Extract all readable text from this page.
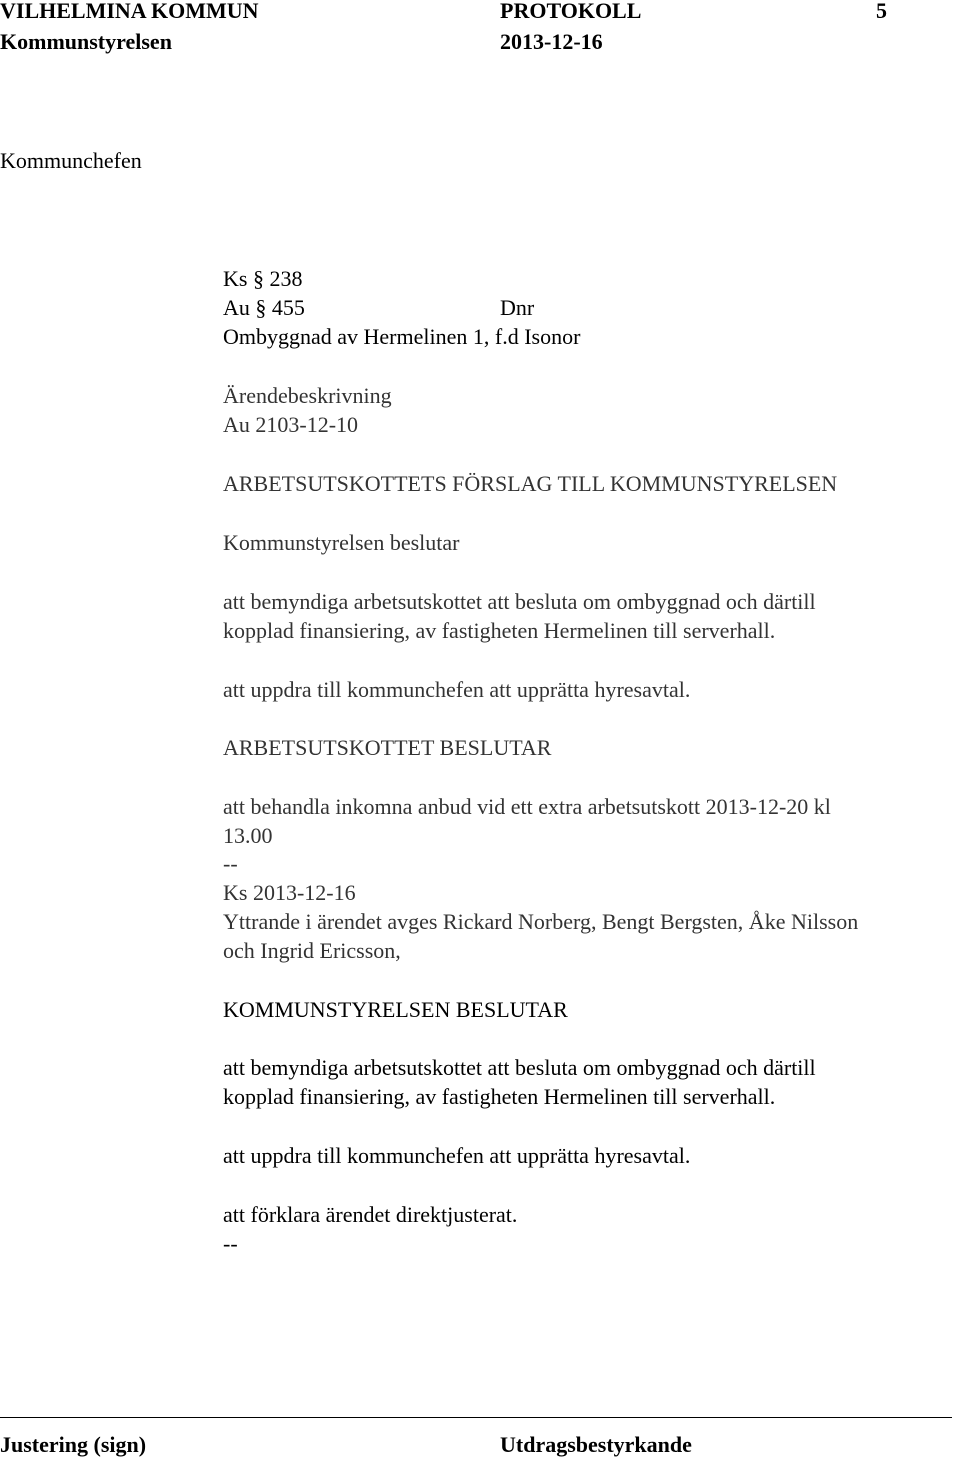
VILHELMINA KOMMUN	PROTOKOLL	5
Kommunstyrelsen	2013-12-16
Kommunchefen
Ks § 238
Au § 455	Dnr
Ombyggnad av Hermelinen 1, f.d Isonor
Ärendebeskrivning
Au 2103-12-10
ARBETSUTSKOTTETS FÖRSLAG TILL KOMMUNSTYRELSEN
Kommunstyrelsen beslutar
att bemyndiga arbetsutskottet att besluta om ombyggnad och därtill
kopplad finansiering, av fastigheten Hermelinen till serverhall.
att uppdra till kommunchefen att upprätta hyresavtal.
ARBETSUTSKOTTET BESLUTAR
att behandla inkomna anbud vid ett extra arbetsutskott 2013-12-20 kl
13.00
--
Ks 2013-12-16
Yttrande i ärendet avges Rickard Norberg, Bengt Bergsten, Åke Nilsson
och Ingrid Ericsson,
KOMMUNSTYRELSEN BESLUTAR
att bemyndiga arbetsutskottet att besluta om ombyggnad och därtill
kopplad finansiering, av fastigheten Hermelinen till serverhall.
att uppdra till kommunchefen att upprätta hyresavtal.
att förklara ärendet direktjusterat.
--
Justering (sign)	Utdragsbestyrkande
